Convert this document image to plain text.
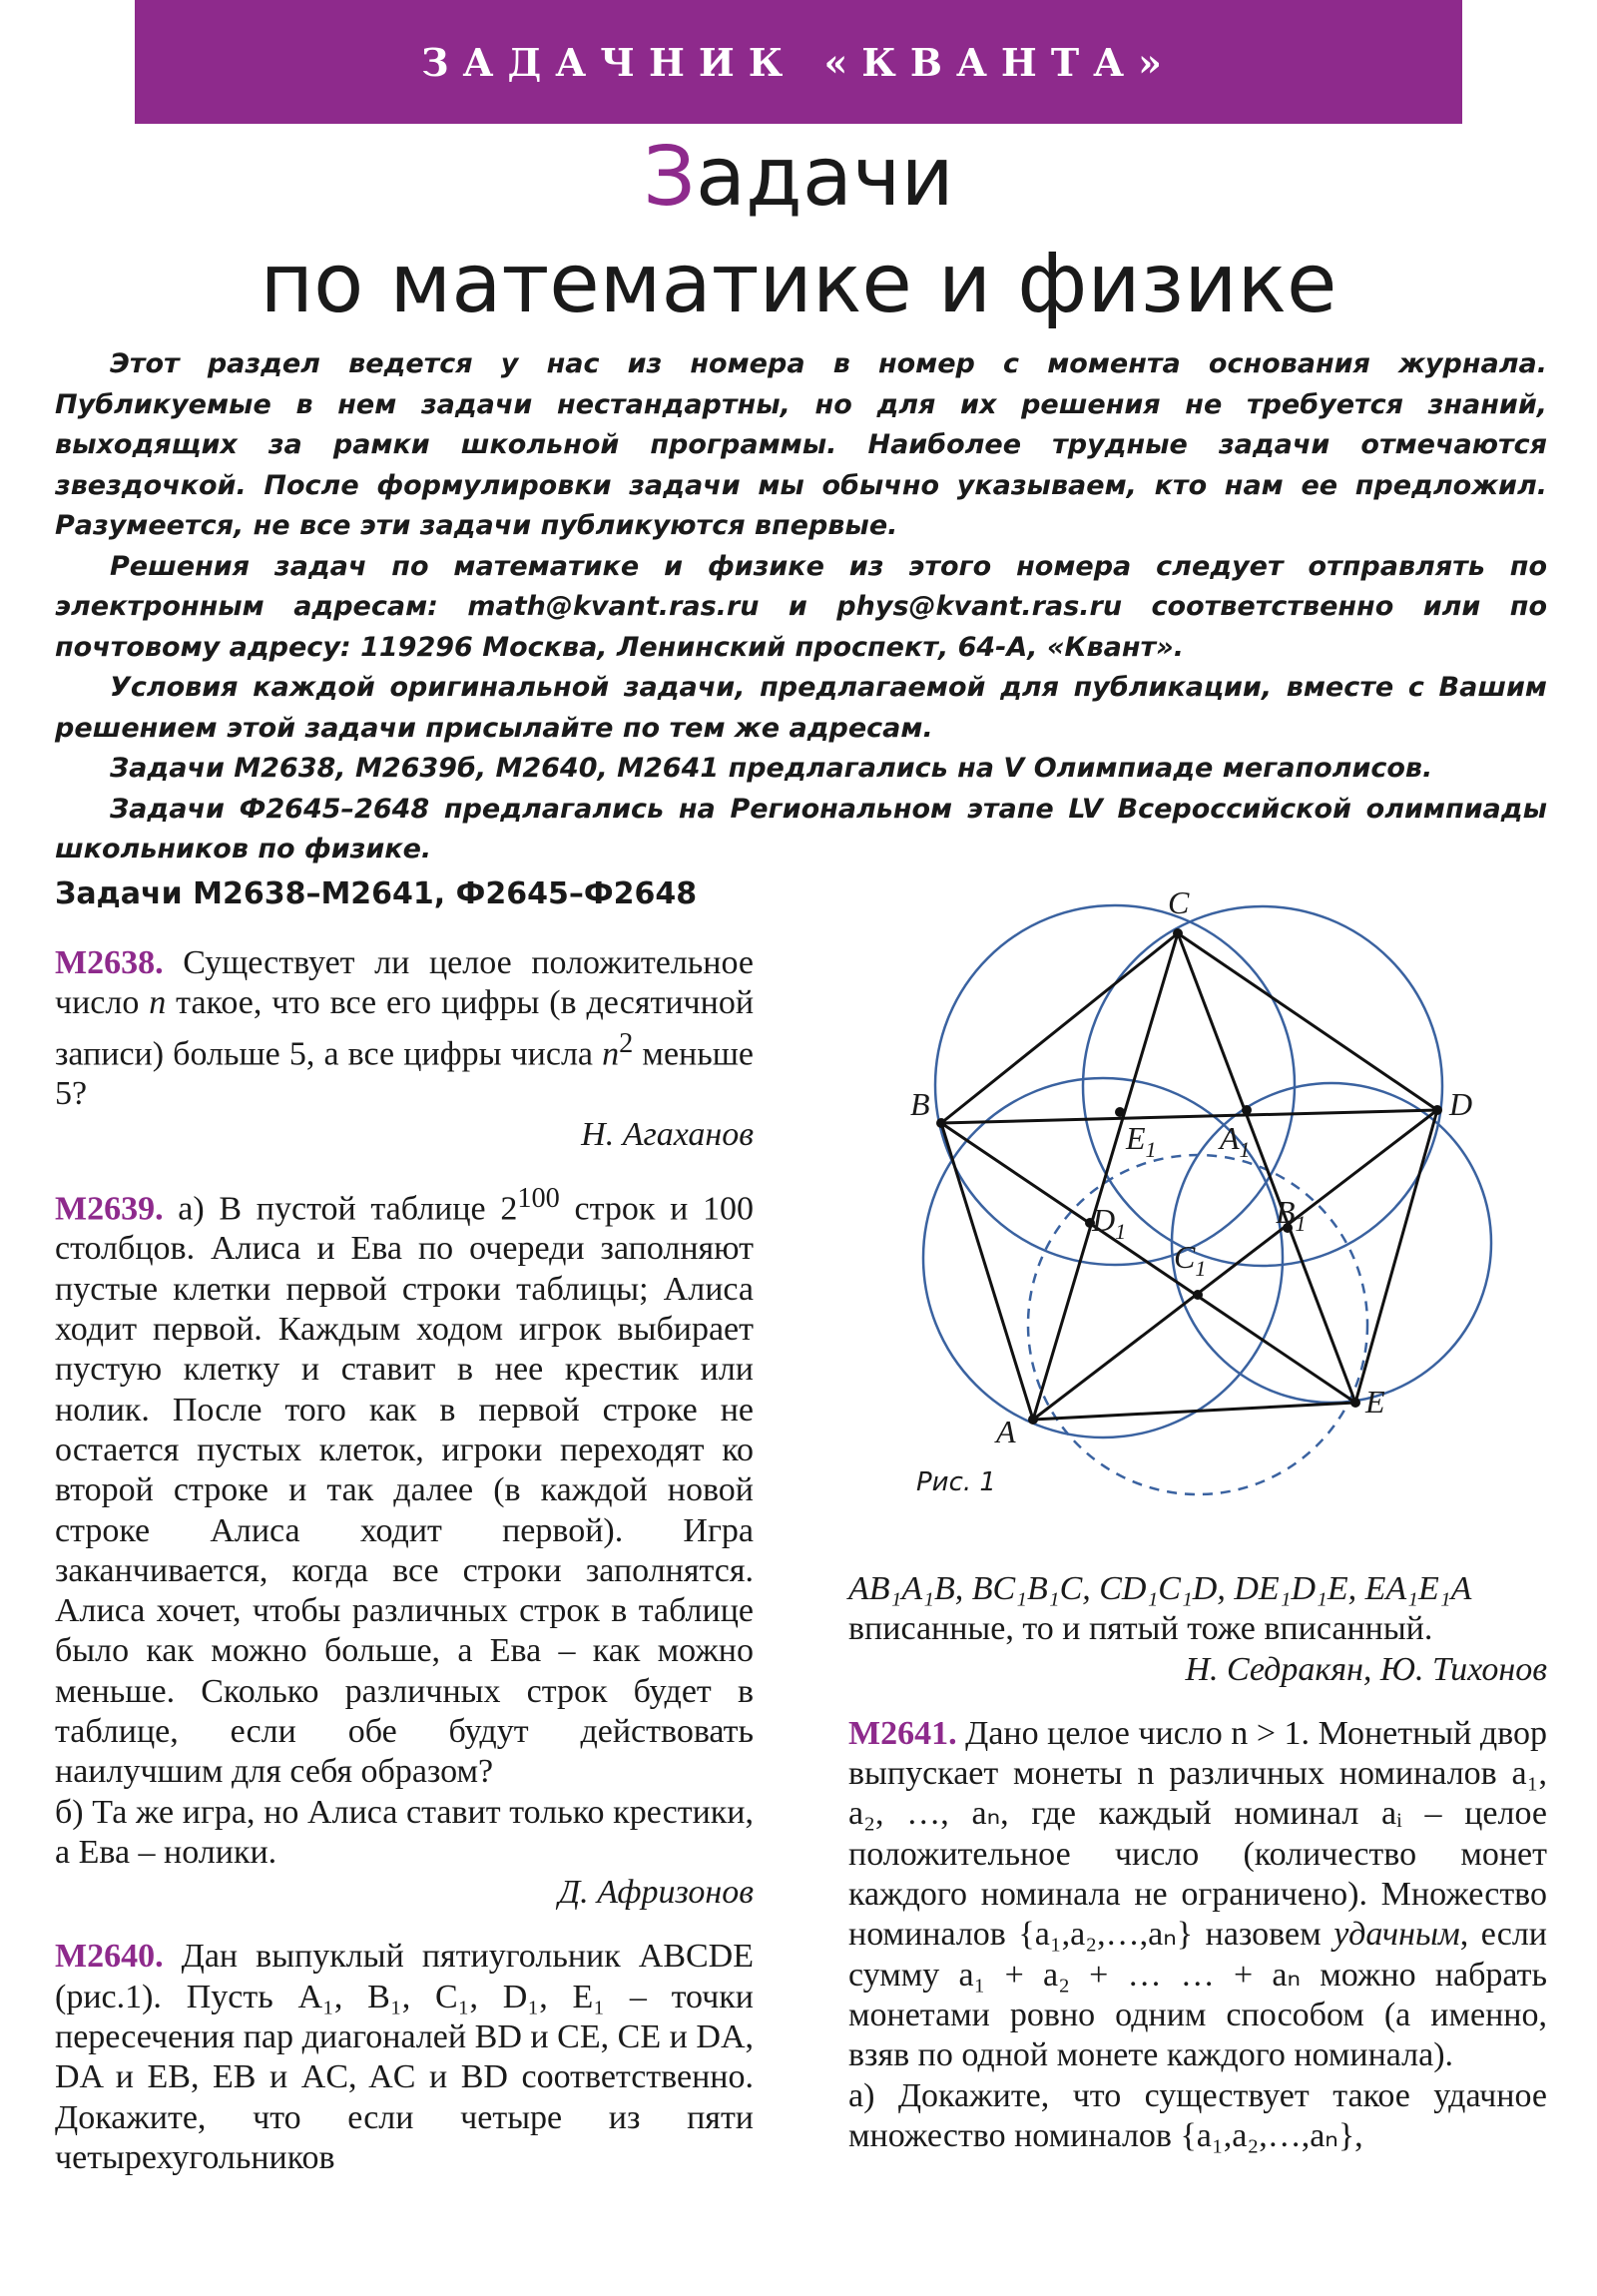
ЗАДАЧНИК «КВАНТА»
Задачи
по математике и физике

Этот раздел ведется у нас из номера в номер с момента основания журнала. Публикуемые в нем задачи нестандартны, но для их решения не требуется знаний, выходящих за рамки школьной программы. Наиболее трудные задачи отмечаются звездочкой. После формулировки задачи мы обычно указываем, кто нам ее предложил. Разумеется, не все эти задачи публикуются впервые.

Решения задач по математике и физике из этого номера следует отправлять по электронным адресам: math@kvant.ras.ru и phys@kvant.ras.ru соответственно или по почтовому адресу: 119296 Москва, Ленинский проспект, 64-А, «Квант».

Условия каждой оригинальной задачи, предлагаемой для публикации, вместе с Вашим решением этой задачи присылайте по тем же адресам.

Задачи М2638, М2639б, М2640, М2641 предлагались на V Олимпиаде мегаполисов.

Задачи Ф2645–2648 предлагались на Региональном этапе LV Всероссийской олимпиады школьников по физике.

Задачи М2638–М2641, Ф2645–Ф2648

М2638. Существует ли целое положительное число n такое, что все его цифры (в десятичной записи) больше 5, а все цифры числа $n^2$ меньше 5?

Н. Агаханов

М2639. а) В пустой таблице $2^{100}$ строк и 100 столбцов. Алиса и Ева по очереди заполняют пустые клетки первой строки таблицы; Алиса ходит первой. Каждым ходом игрок выбирает пустую клетку и ставит в нее крестик или нолик. После того как в первой строке не остается пустых клеток, игроки переходят ко второй строке и так далее (в каждой новой строке Алиса ходит первой). Игра заканчивается, когда все строки заполнятся. Алиса хочет, чтобы различных строк в таблице было как можно больше, а Ева – как можно меньше. Сколько различных строк будет в таблице, если обе будут действовать наилучшим для себя образом?

б) Та же игра, но Алиса ставит только крестики, а Ева – нолики.

Д. Афризонов

М2640. Дан выпуклый пятиугольник ABCDE (рис.1). Пусть A₁, B₁, C₁, D₁, E₁ – точки пересечения пар диагоналей BD и CE, CE и DA, DA и EB, EB и AC, AC и BD соответственно. Докажите, что если четыре из пяти четырехугольников

C
D
E
A
B
$A_1$
$E_1$
$D_1$
$B_1$
$C_1$
Рис. 1

AB₁A₁B, BC₁B₁C, CD₁C₁D, DE₁D₁E, EA₁E₁A

вписанные, то и пятый тоже вписанный.

Н. Седракян, Ю. Тихонов

М2641. Дано целое число n > 1. Монетный двор выпускает монеты n различных номиналов a₁, a₂, …, aₙ, где каждый номинал aᵢ – целое положительное число (количество монет каждого номинала не ограничено). Множество номиналов {a₁,a₂,…,aₙ} назовем удачным, если сумму a₁ + a₂ + … … + aₙ можно набрать монетами ровно одним способом (а именно, взяв по одной монете каждого номинала).

а) Докажите, что существует такое удачное множество номиналов {a₁,a₂,…,aₙ},
